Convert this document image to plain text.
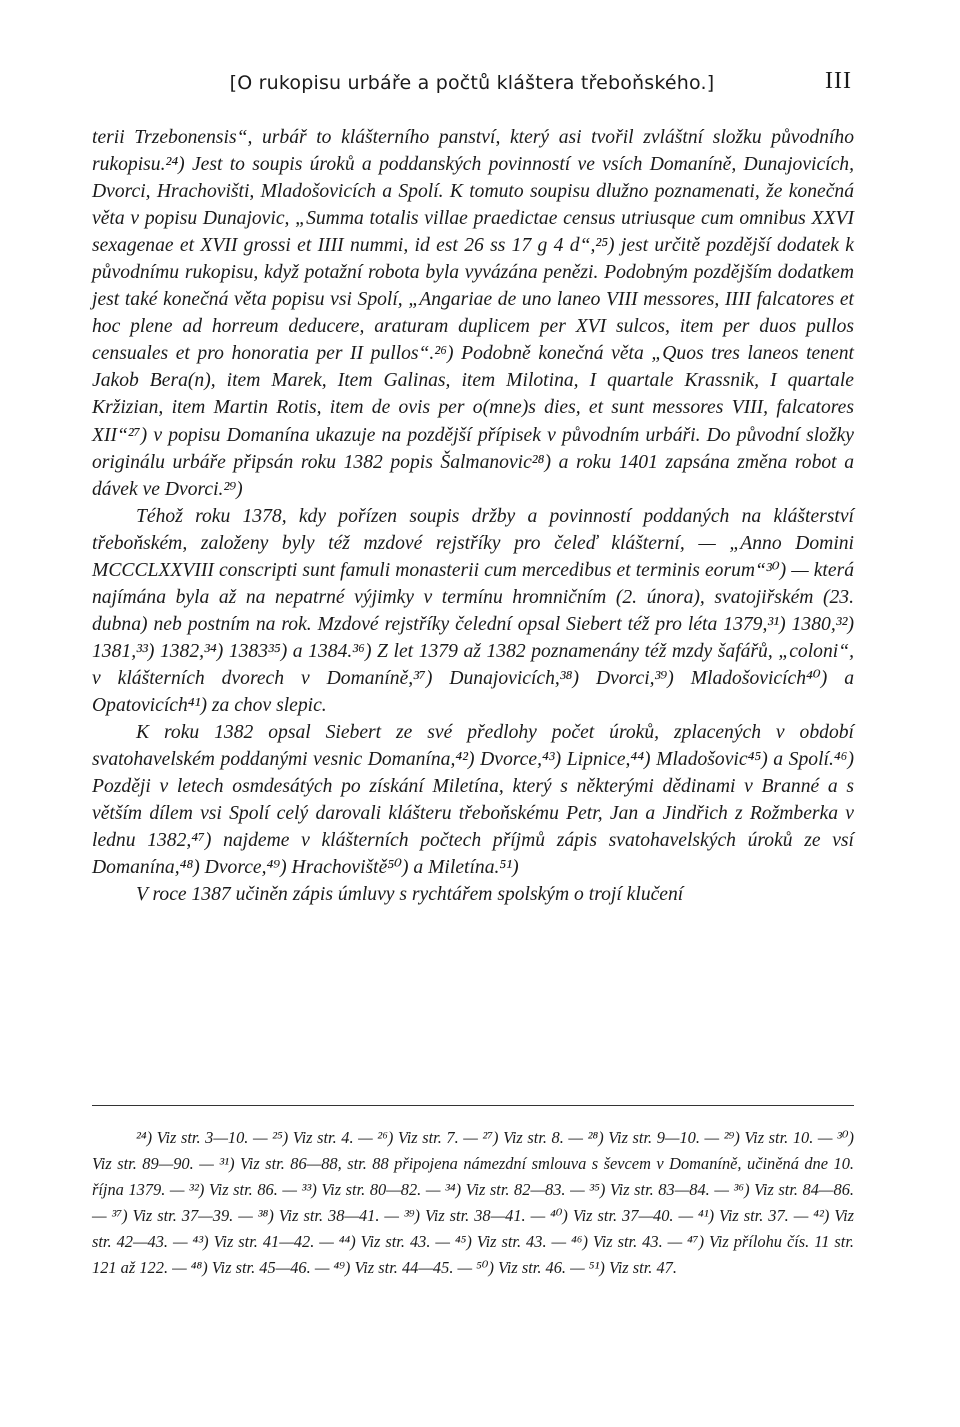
[O rukopisu urbáře a počtů kláštera třeboňského.]	III

terii Trzebonensis“, urbář to klášterního panství, který asi tvořil zvláštní složku původního rukopisu.²⁴) Jest to soupis úroků a poddanských povinností ve vsích Domaníně, Dunajovicích, Dvorci, Hrachovišti, Mladošovicích a Spolí. K tomuto soupisu dlužno poznamenati, že konečná věta v popisu Dunajovic, „Summa totalis villae praedictae census utriusque cum omnibus XXVI sexagenae et XVII grossi et IIII nummi, id est 26 ss 17 g 4 d“,²⁵) jest určitě pozdější dodatek k původnímu rukopisu, když potažní robota byla vyvázána penězi. Podobným pozdějším dodatkem jest také konečná věta popisu vsi Spolí, „Angariae de uno laneo VIII messores, IIII falcatores et hoc plene ad horreum deducere, araturam duplicem per XVI sulcos, item per duos pullos censuales et pro honoratia per II pullos“.²⁶) Podobně konečná věta „Quos tres laneos tenent Jakob Bera(n), item Marek, Item Galinas, item Milotina, I quartale Krassnik, I quartale Kržizian, item Martin Rotis, item de ovis per o(mne)s dies, et sunt messores VIII, falcatores XII“²⁷) v popisu Domanína ukazuje na pozdější přípisek v původním urbáři. Do původní složky originálu urbáře připsán roku 1382 popis Šalmanovic²⁸) a roku 1401 zapsána změna robot a dávek ve Dvorci.²⁹)

Téhož roku 1378, kdy pořízen soupis držby a povinností poddaných na klášterství třeboňském, založeny byly též mzdové rejstříky pro čeleď klášterní, — „Anno Domini MCCCLXXVIII conscripti sunt famuli monasterii cum mercedibus et terminis eorum“³⁰) — která najímána byla až na nepatrné výjimky v termínu hromničním (2. února), svatojiřském (23. dubna) neb postním na rok. Mzdové rejstříky čelední opsal Siebert též pro léta 1379,³¹) 1380,³²) 1381,³³) 1382,³⁴) 1383³⁵) a 1384.³⁶) Z let 1379 až 1382 poznamenány též mzdy šafářů, „coloni“, v klášterních dvorech v Domaníně,³⁷) Dunajovicích,³⁸) Dvorci,³⁹) Mladošovicích⁴⁰) a Opatovicích⁴¹) za chov slepic.

K roku 1382 opsal Siebert ze své předlohy počet úroků, zplacených v období svatohavelském poddanými vesnic Domanína,⁴²) Dvorce,⁴³) Lipnice,⁴⁴) Mladošovic⁴⁵) a Spolí.⁴⁶) Později v letech osmdesátých po získání Miletína, který s některými dědinami v Branné a s větším dílem vsi Spolí celý darovali klášteru třeboňskému Petr, Jan a Jindřich z Rožmberka v lednu 1382,⁴⁷) najdeme v klášterních počtech příjmů zápis svatohavelských úroků ze vsí Domanína,⁴⁸) Dvorce,⁴⁹) Hrachoviště⁵⁰) a Miletína.⁵¹)

V roce 1387 učiněn zápis úmluvy s rychtářem spolským o trojí klučení

²⁴) Viz str. 3—10. — ²⁵) Viz str. 4. — ²⁶) Viz str. 7. — ²⁷) Viz str. 8. — ²⁸) Viz str. 9—10. — ²⁹) Viz str. 10. — ³⁰) Viz str. 89—90. — ³¹) Viz str. 86—88, str. 88 připojena námezdní smlouva s ševcem v Domaníně, učiněná dne 10. října 1379. — ³²) Viz str. 86. — ³³) Viz str. 80—82. — ³⁴) Viz str. 82—83. — ³⁵) Viz str. 83—84. — ³⁶) Viz str. 84—86. — ³⁷) Viz str. 37—39. — ³⁸) Viz str. 38—41. — ³⁹) Viz str. 38—41. — ⁴⁰) Viz str. 37—40. — ⁴¹) Viz str. 37. — ⁴²) Viz str. 42—43. — ⁴³) Viz str. 41—42. — ⁴⁴) Viz str. 43. — ⁴⁵) Viz str. 43. — ⁴⁶) Viz str. 43. — ⁴⁷) Viz přílohu čís. 11 str. 121 až 122. — ⁴⁸) Viz str. 45—46. — ⁴⁹) Viz str. 44—45. — ⁵⁰) Viz str. 46. — ⁵¹) Viz str. 47.
